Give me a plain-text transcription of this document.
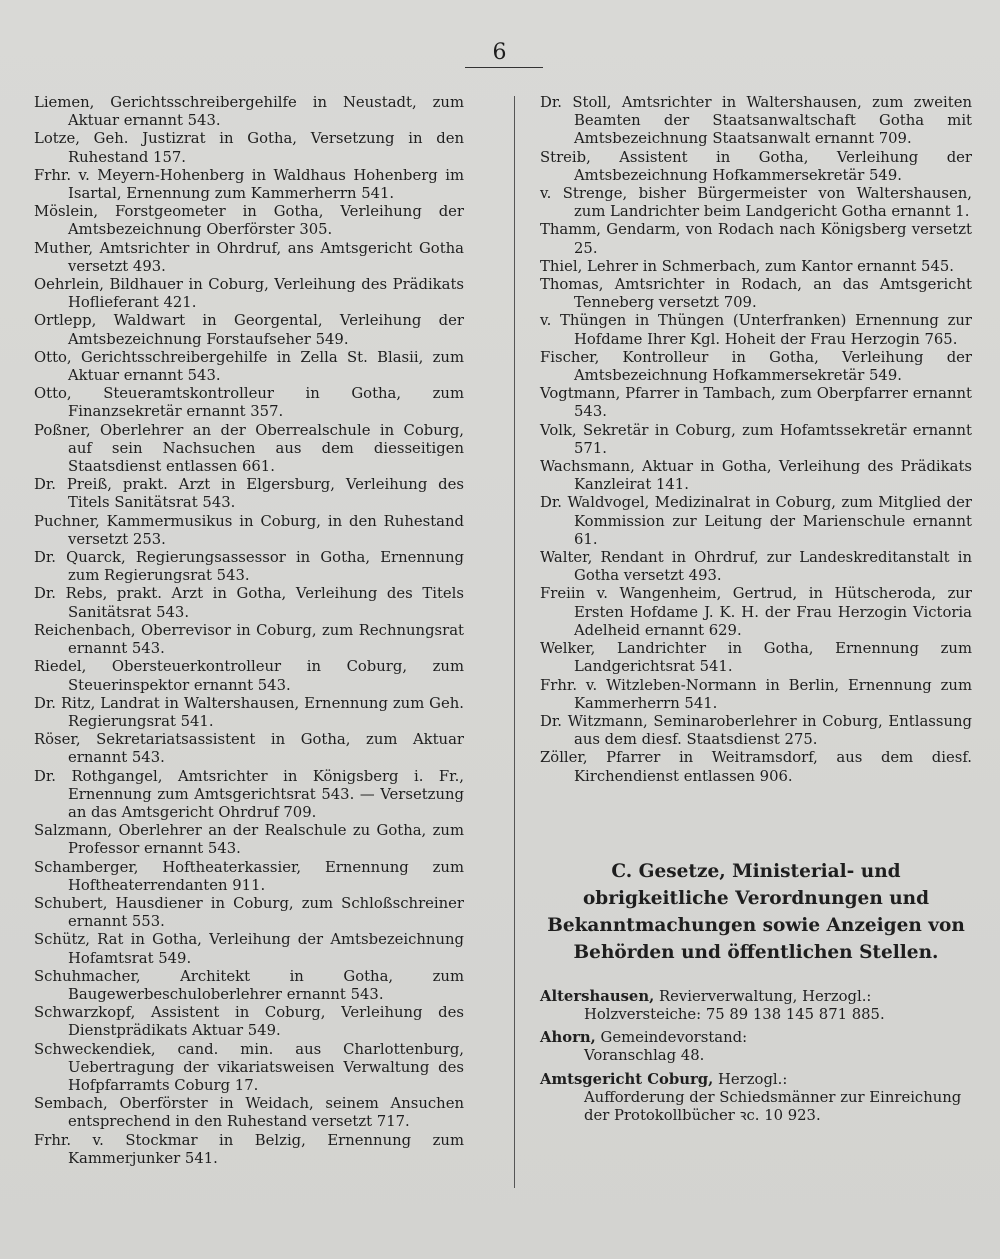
6

Liemen, Gerichtsschreibergehilfe in Neustadt, zum Aktuar ernannt 543.

Lotze, Geh. Justizrat in Gotha, Versetzung in den Ruhestand 157.

Frhr. v. Meyern-Hohenberg in Waldhaus Hohenberg im Isartal, Ernennung zum Kammerherrn 541.

Möslein, Forstgeometer in Gotha, Verleihung der Amtsbezeichnung Oberförster 305.

Muther, Amtsrichter in Ohrdruf, ans Amtsgericht Gotha versetzt 493.

Oehrlein, Bildhauer in Coburg, Verleihung des Prädikats Hoflieferant 421.

Ortlepp, Waldwart in Georgental, Verleihung der Amtsbezeichnung Forstaufseher 549.

Otto, Gerichtsschreibergehilfe in Zella St. Blasii, zum Aktuar ernannt 543.

Otto, Steueramtskontrolleur in Gotha, zum Finanzsekretär ernannt 357.

Poßner, Oberlehrer an der Oberrealschule in Coburg, auf sein Nachsuchen aus dem diesseitigen Staatsdienst entlassen 661.

Dr. Preiß, prakt. Arzt in Elgersburg, Verleihung des Titels Sanitätsrat 543.

Puchner, Kammermusikus in Coburg, in den Ruhestand versetzt 253.

Dr. Quarck, Regierungsassessor in Gotha, Ernennung zum Regierungsrat 543.

Dr. Rebs, prakt. Arzt in Gotha, Verleihung des Titels Sanitätsrat 543.

Reichenbach, Oberrevisor in Coburg, zum Rechnungsrat ernannt 543.

Riedel, Obersteuerkontrolleur in Coburg, zum Steuerinspektor ernannt 543.

Dr. Ritz, Landrat in Waltershausen, Ernennung zum Geh. Regierungsrat 541.

Röser, Sekretariatsassistent in Gotha, zum Aktuar ernannt 543.

Dr. Rothgangel, Amtsrichter in Königsberg i. Fr., Ernennung zum Amtsgerichtsrat 543. — Versetzung an das Amtsgericht Ohrdruf 709.

Salzmann, Oberlehrer an der Realschule zu Gotha, zum Professor ernannt 543.

Schamberger, Hoftheaterkassier, Ernennung zum Hoftheaterrendanten 911.

Schubert, Hausdiener in Coburg, zum Schloßschreiner ernannt 553.

Schütz, Rat in Gotha, Verleihung der Amtsbezeichnung Hofamtsrat 549.

Schuhmacher, Architekt in Gotha, zum Baugewerbeschuloberlehrer ernannt 543.

Schwarzkopf, Assistent in Coburg, Verleihung des Dienstprädikats Aktuar 549.

Schweckendiek, cand. min. aus Charlottenburg, Uebertragung der vikariatsweisen Verwaltung des Hofpfarramts Coburg 17.

Sembach, Oberförster in Weidach, seinem Ansuchen entsprechend in den Ruhestand versetzt 717.

Frhr. v. Stockmar in Belzig, Ernennung zum Kammerjunker 541.

Dr. Stoll, Amtsrichter in Waltershausen, zum zweiten Beamten der Staatsanwaltschaft Gotha mit Amtsbezeichnung Staatsanwalt ernannt 709.

Streib, Assistent in Gotha, Verleihung der Amtsbezeichnung Hofkammersekretär 549.

v. Strenge, bisher Bürgermeister von Waltershausen, zum Landrichter beim Landgericht Gotha ernannt 1.

Thamm, Gendarm, von Rodach nach Königsberg versetzt 25.

Thiel, Lehrer in Schmerbach, zum Kantor ernannt 545.

Thomas, Amtsrichter in Rodach, an das Amtsgericht Tenneberg versetzt 709.

v. Thüngen in Thüngen (Unterfranken) Ernennung zur Hofdame Ihrer Kgl. Hoheit der Frau Herzogin 765.

Fischer, Kontrolleur in Gotha, Verleihung der Amtsbezeichnung Hofkammersekretär 549.

Vogtmann, Pfarrer in Tambach, zum Oberpfarrer ernannt 543.

Volk, Sekretär in Coburg, zum Hofamtssekretär ernannt 571.

Wachsmann, Aktuar in Gotha, Verleihung des Prädikats Kanzleirat 141.

Dr. Waldvogel, Medizinalrat in Coburg, zum Mitglied der Kommission zur Leitung der Marienschule ernannt 61.

Walter, Rendant in Ohrdruf, zur Landeskreditanstalt in Gotha versetzt 493.

Freiin v. Wangenheim, Gertrud, in Hütscheroda, zur Ersten Hofdame J. K. H. der Frau Herzogin Victoria Adelheid ernannt 629.

Welker, Landrichter in Gotha, Ernennung zum Landgerichtsrat 541.

Frhr. v. Witzleben-Normann in Berlin, Ernennung zum Kammerherrn 541.

Dr. Witzmann, Seminaroberlehrer in Coburg, Entlassung aus dem diesf. Staatsdienst 275.

Zöller, Pfarrer in Weitramsdorf, aus dem diesf. Kirchendienst entlassen 906.

C. Gesetze, Ministerial- und obrigkeitliche Verordnungen und Bekanntmachungen sowie Anzeigen von Behörden und öffentlichen Stellen.
Altershausen, Revierverwaltung, Herzogl.:

Holzversteiche: 75 89 138 145 871 885.

Ahorn, Gemeindevorstand:

Voranschlag 48.

Amtsgericht Coburg, Herzogl.:

Aufforderung der Schiedsmänner zur Einreichung der Protokollbücher ꝛc. 10 923.
